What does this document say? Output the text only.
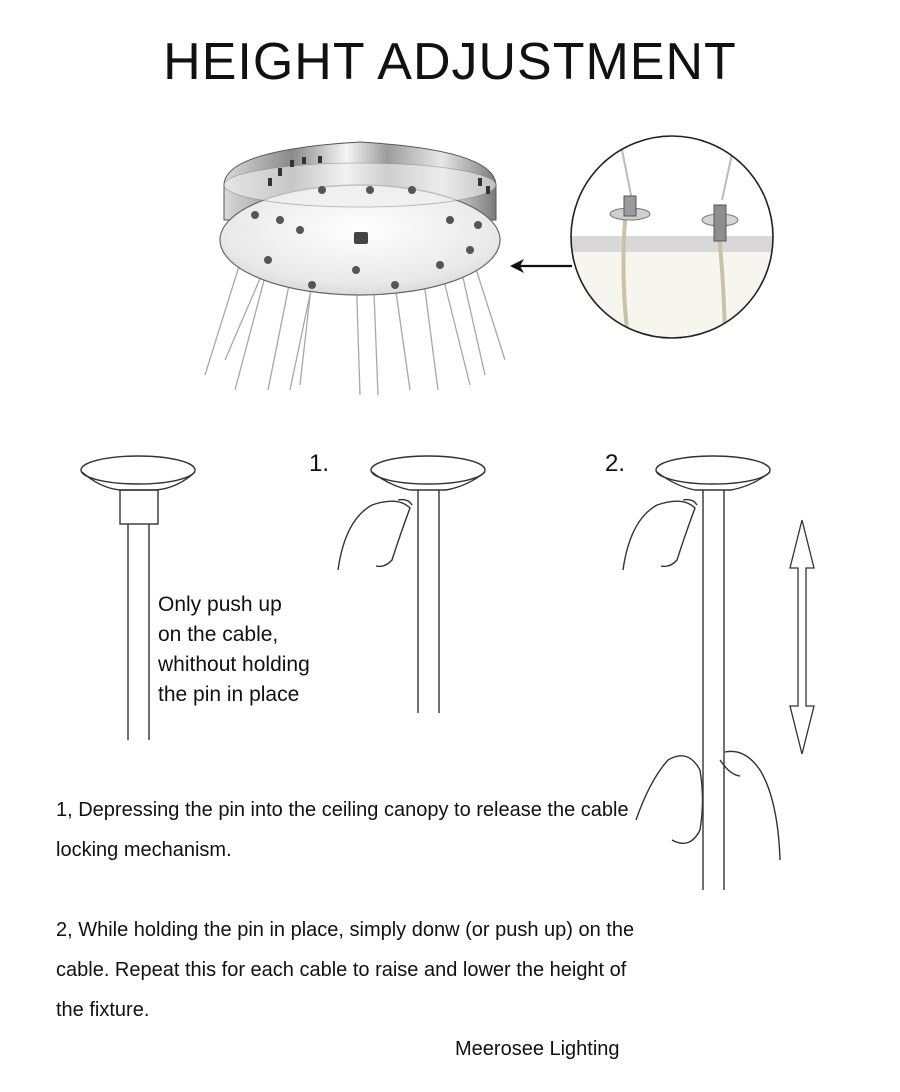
HEIGHT ADJUSTMENT
1.	2.
Only push up
on the cable,
whithout holding
the pin in place
1, Depressing the pin into the ceiling canopy to release the cable locking mechanism.
2, While holding the pin in place, simply donw (or push up) on the cable. Repeat this for each cable to raise and lower the height of the fixture.
Meerosee Lighting
